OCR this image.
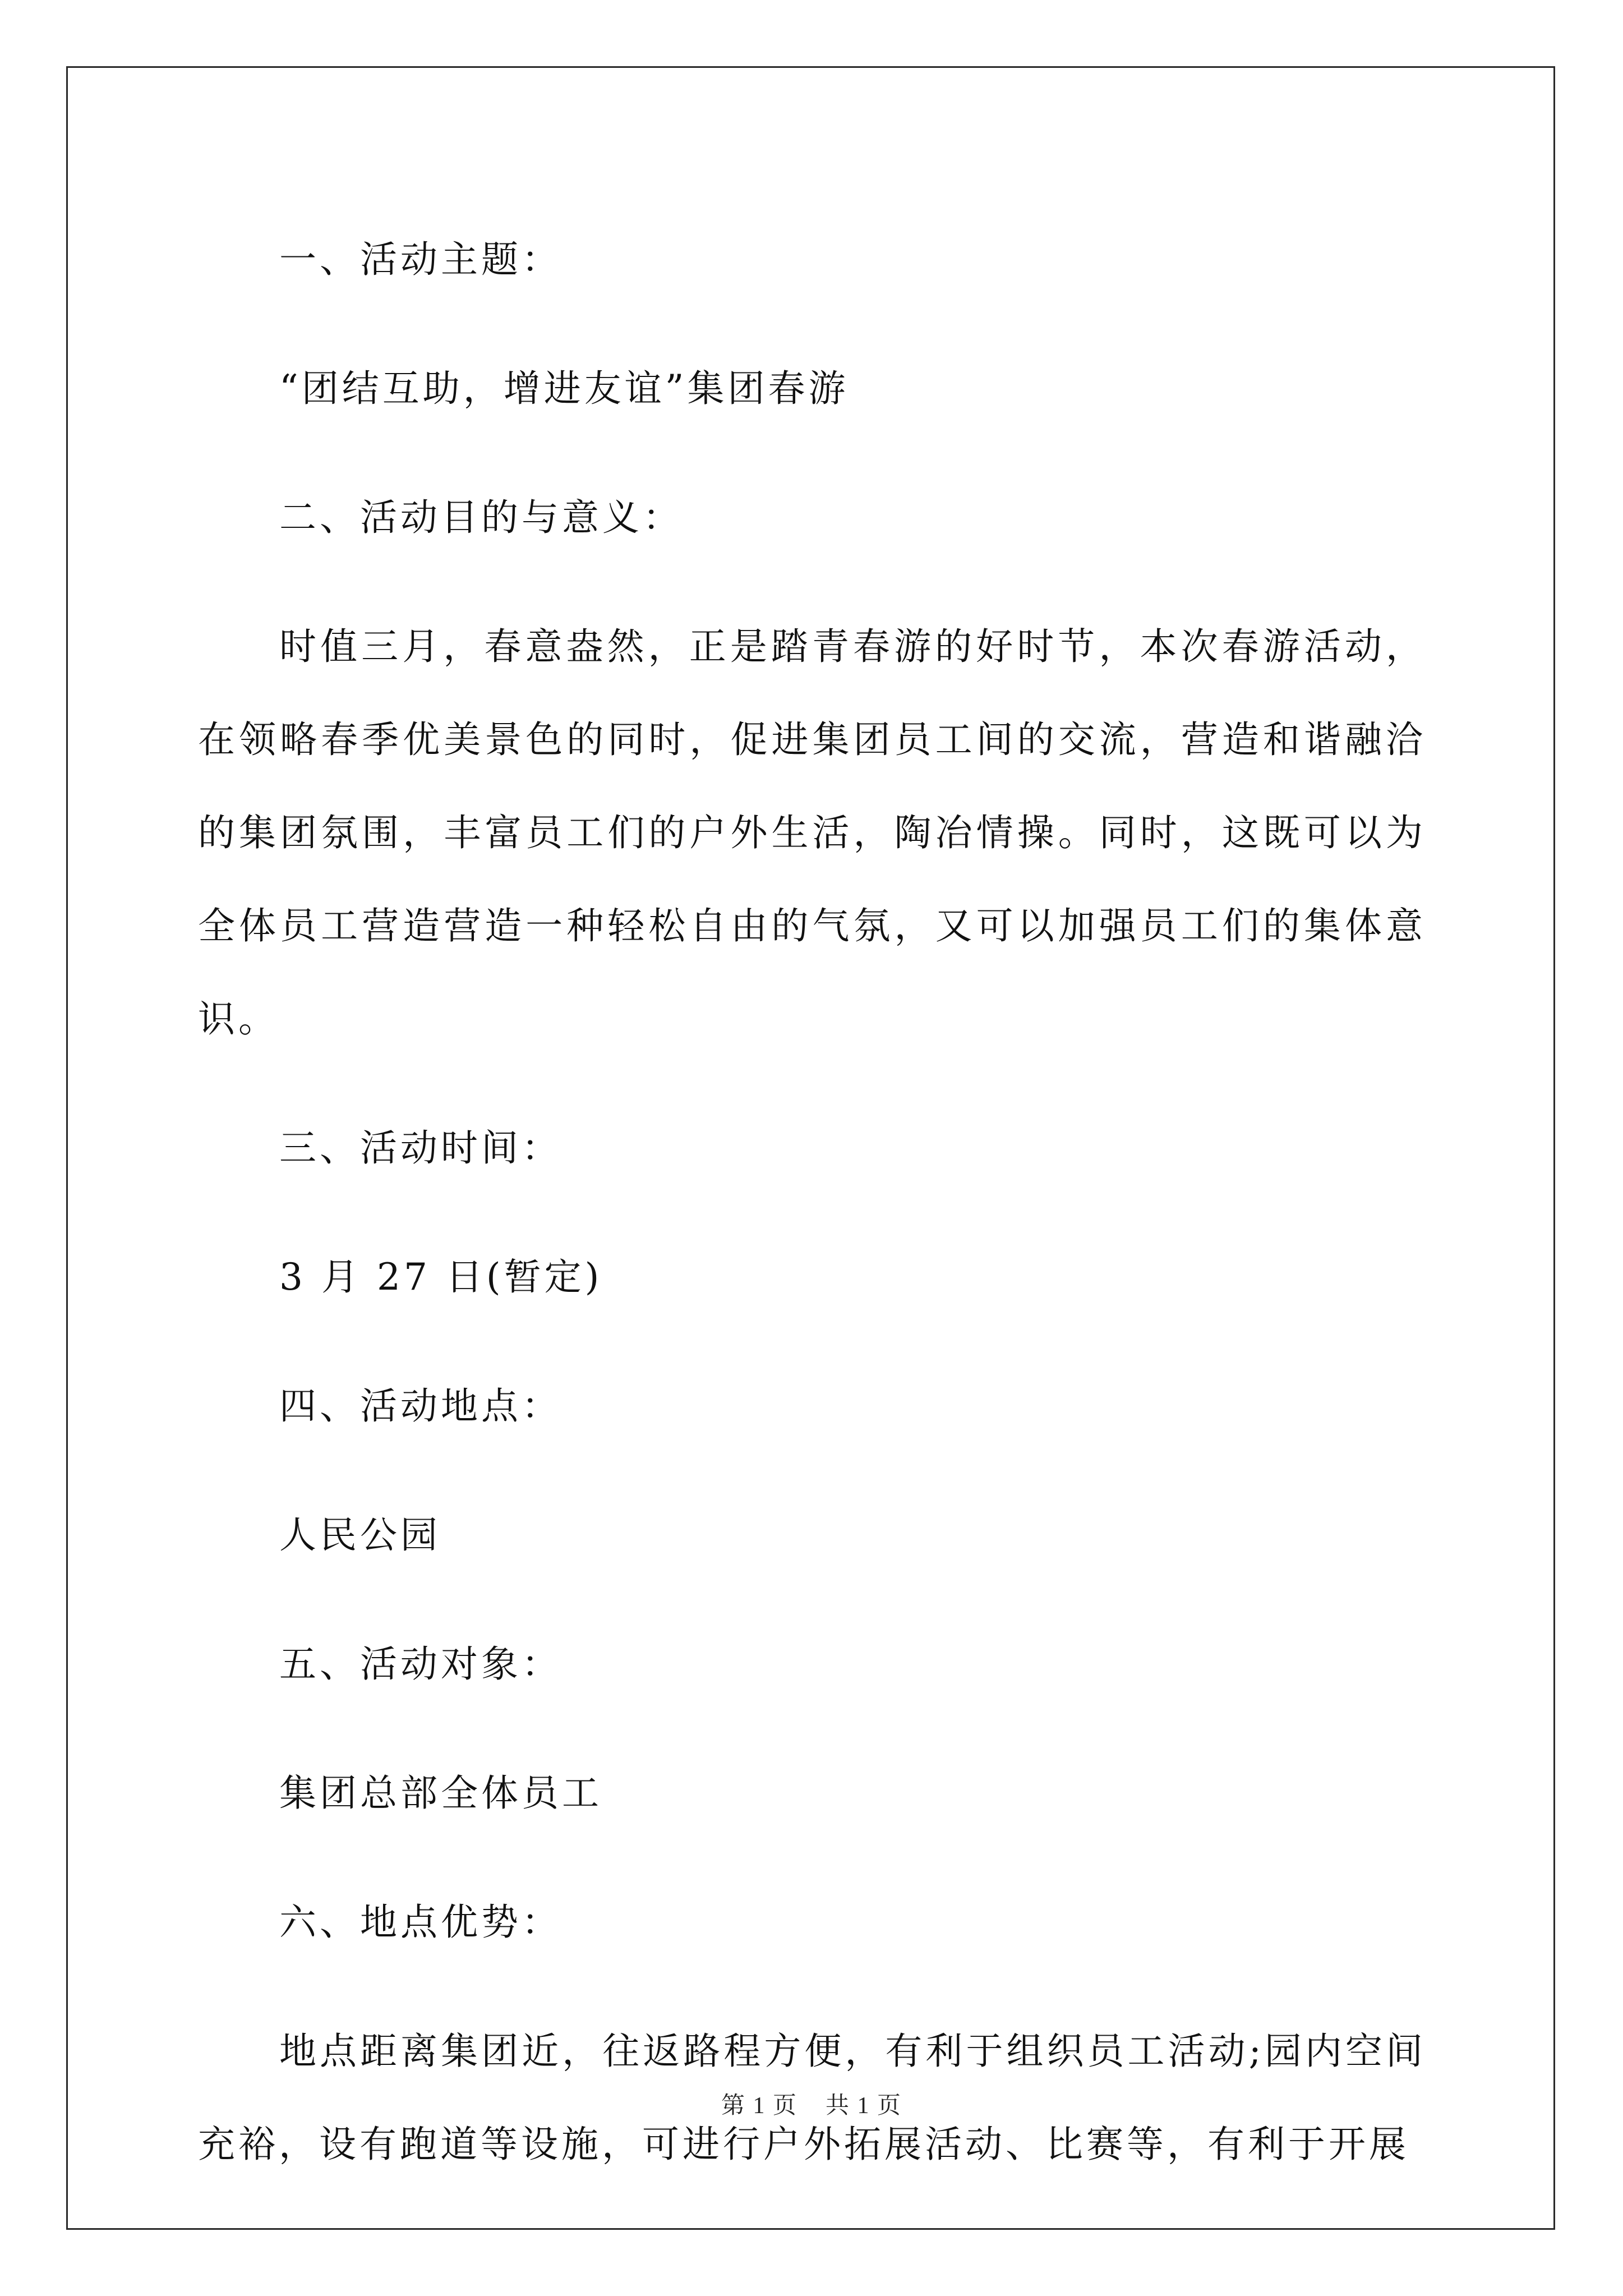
一、活动主题：

“团结互助，增进友谊”集团春游

二、活动目的与意义：

时值三月，春意盎然，正是踏青春游的好时节，本次春游活动，在领略春季优美景色的同时，促进集团员工间的交流，营造和谐融洽的集团氛围，丰富员工们的户外生活，陶冶情操。同时，这既可以为全体员工营造营造一种轻松自由的气氛，又可以加强员工们的集体意识。

三、活动时间：

3 月 27 日(暂定)

四、活动地点：

人民公园

五、活动对象：

集团总部全体员工

六、地点优势：

地点距离集团近，往返路程方便，有利于组织员工活动;园内空间充裕，设有跑道等设施，可进行户外拓展活动、比赛等，有利于开展

第 1 页 共 1 页
